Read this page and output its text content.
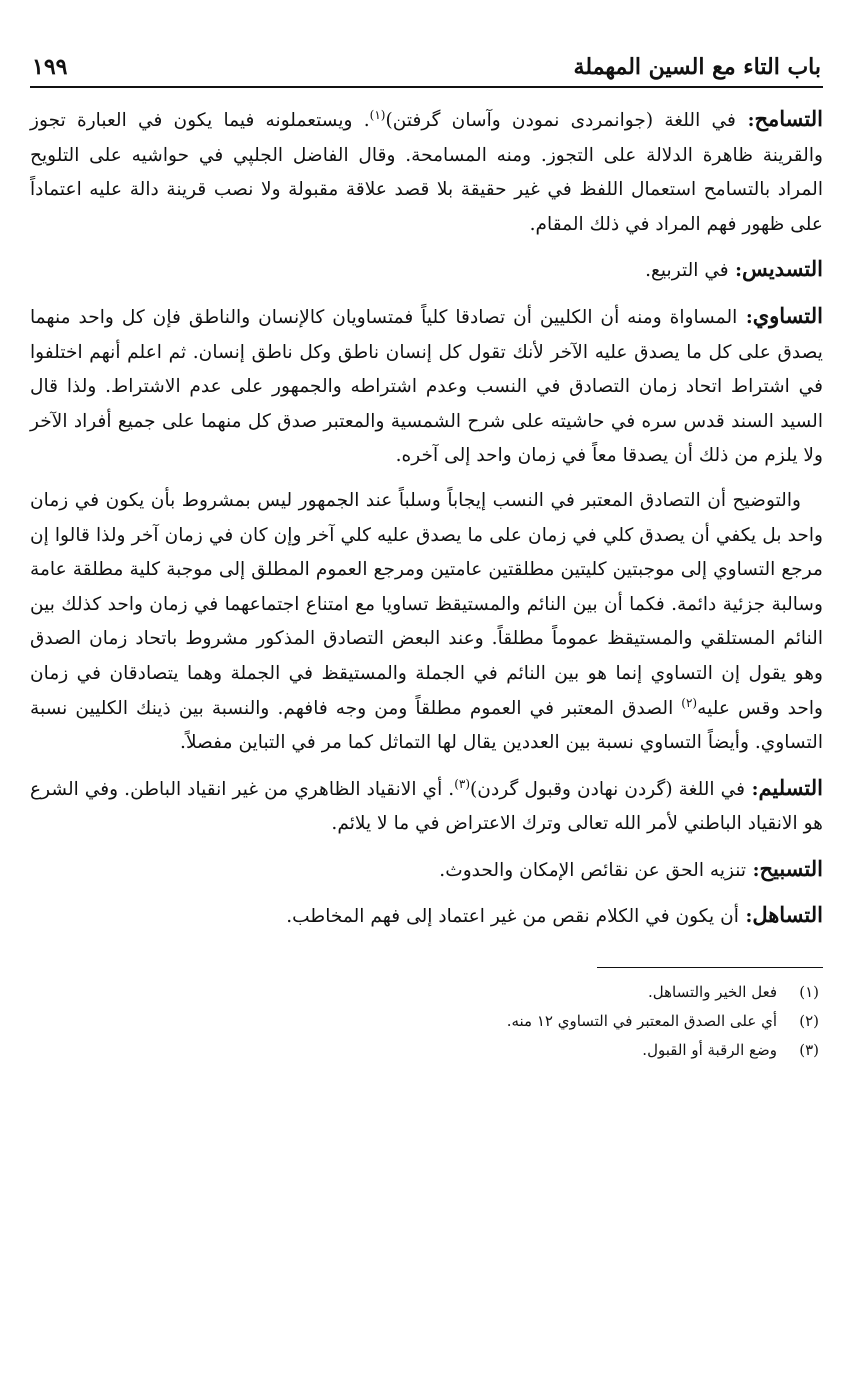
باب التاء مع السين المهملة
١٩٩

التسامح: في اللغة (جوانمردى نمودن وآسان گرفتن)$^{(١)}$. ويستعملونه فيما يكون في العبارة تجوز والقرينة ظاهرة الدلالة على التجوز. ومنه المسامحة. وقال الفاضل الجلپي في حواشيه على التلويح المراد بالتسامح استعمال اللفظ في غير حقيقة بلا قصد علاقة مقبولة ولا نصب قرينة دالة عليه اعتماداً على ظهور فهم المراد في ذلك المقام.

التسديس: في التربيع.

التساوي: المساواة ومنه أن الكليين أن تصادقا كلياً فمتساويان كالإنسان والناطق فإن كل واحد منهما يصدق على كل ما يصدق عليه الآخر لأنك تقول كل إنسان ناطق وكل ناطق إنسان. ثم اعلم أنهم اختلفوا في اشتراط اتحاد زمان التصادق في النسب وعدم اشتراطه والجمهور على عدم الاشتراط. ولذا قال السيد السند قدس سره في حاشيته على شرح الشمسية والمعتبر صدق كل منهما على جميع أفراد الآخر ولا يلزم من ذلك أن يصدقا معاً في زمان واحد إلى آخره.

والتوضيح أن التصادق المعتبر في النسب إيجاباً وسلباً عند الجمهور ليس بمشروط بأن يكون في زمان واحد بل يكفي أن يصدق كلي في زمان على ما يصدق عليه كلي آخر وإن كان في زمان آخر ولذا قالوا إن مرجع التساوي إلى موجبتين كليتين مطلقتين عامتين ومرجع العموم المطلق إلى موجبة كلية مطلقة عامة وسالبة جزئية دائمة. فكما أن بين النائم والمستيقظ تساويا مع امتناع اجتماعهما في زمان واحد كذلك بين النائم المستلقي والمستيقظ عموماً مطلقاً. وعند البعض التصادق المذكور مشروط باتحاد زمان الصدق وهو يقول إن التساوي إنما هو بين النائم في الجملة والمستيقظ في الجملة وهما يتصادقان في زمان واحد وقس عليه$^{(٢)}$ الصدق المعتبر في العموم مطلقاً ومن وجه فافهم. والنسبة بين ذينك الكليين نسبة التساوي. وأيضاً التساوي نسبة بين العددين يقال لها التماثل كما مر في التباين مفصلاً.

التسليم: في اللغة (گردن نهادن وقبول گردن)$^{(٣)}$. أي الانقياد الظاهري من غير انقياد الباطن. وفي الشرع هو الانقياد الباطني لأمر الله تعالى وترك الاعتراض في ما لا يلائم.

التسبيح: تنزيه الحق عن نقائص الإمكان والحدوث.

التساهل: أن يكون في الكلام نقص من غير اعتماد إلى فهم المخاطب.

(١)
فعل الخير والتساهل.
(٢)
أي على الصدق المعتبر في التساوي ١٢ منه.
(٣)
وضع الرقبة أو القبول.
